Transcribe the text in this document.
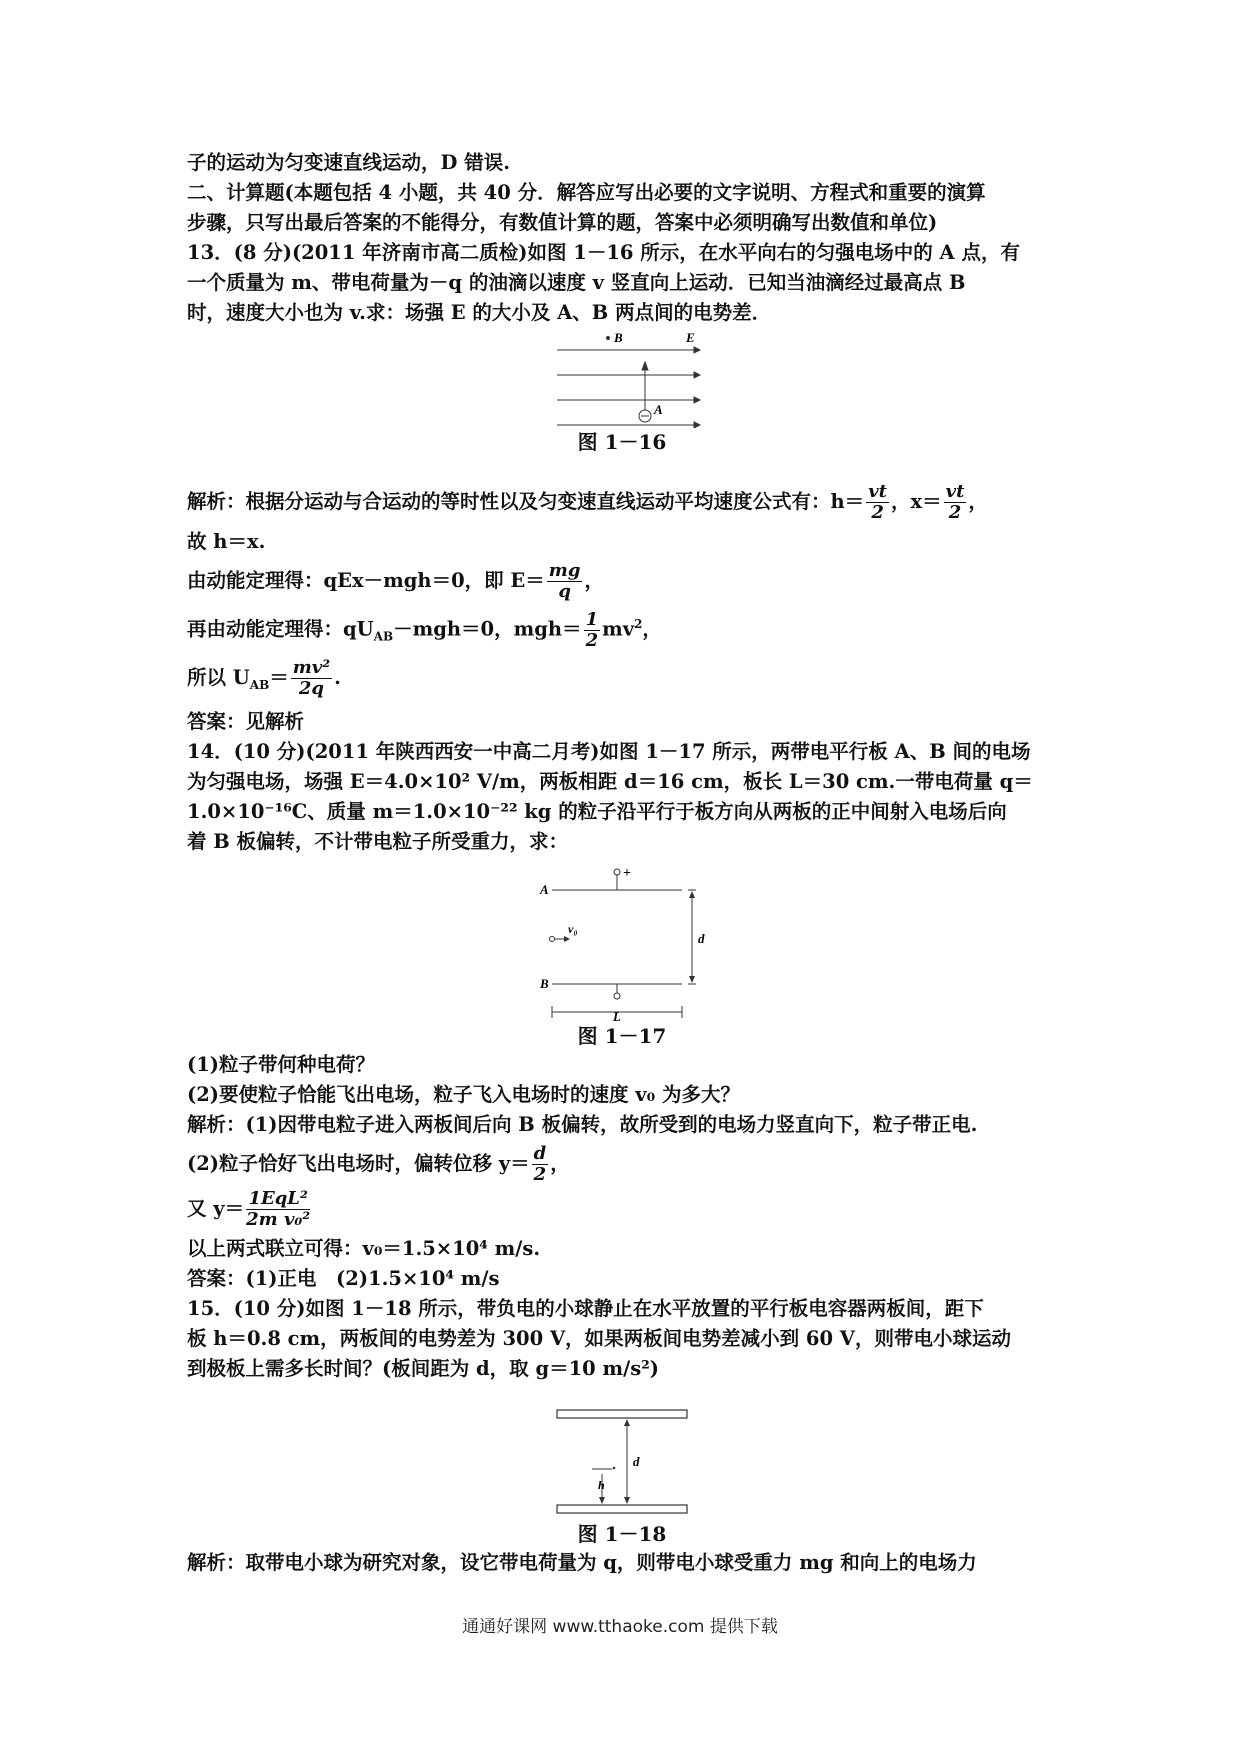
子的运动为匀变速直线运动，D 错误.
二、计算题(本题包括 4 小题，共 40 分．解答应写出必要的文字说明、方程式和重要的演算
步骤，只写出最后答案的不能得分，有数值计算的题，答案中必须明确写出数值和单位)
13．(8 分)(2011 年济南市高二质检)如图 1－16 所示，在水平向右的匀强电场中的 A 点，有
一个质量为 m、带电荷量为－q 的油滴以速度 v 竖直向上运动．已知当油滴经过最高点 B
时，速度大小也为 v.求：场强 E 的大小及 A、B 两点间的电势差．
B	E
A
图 1－16
解析：根据分运动与合运动的等时性以及匀变速直线运动平均速度公式有：$h= \frac{vt}{2}$ ，$x= \frac{vt}{2}$ ，
故 h＝x.
由动能定理得：qEx－mgh＝0，即 $E= \frac{mg}{q}$ ，
再由动能定理得：$qU_{AB}-mgh=0$，$mgh= \frac{1}{2} mv^2$，
所以 $U_{AB}= \frac{\text{mv²}}{2q}$ .
答案：见解析
14．(10 分)(2011 年陕西西安一中高二月考)如图 1－17 所示，两带电平行板 A、B 间的电场
为匀强电场，场强 E＝4.0×10² V/m，两板相距 d＝16 cm，板长 L＝30 cm.一带电荷量 q＝
1.0×10⁻¹⁶C、质量 m＝1.0×10⁻²² kg 的粒子沿平行于板方向从两板的正中间射入电场后向
着 B 板偏转，不计带电粒子所受重力，求：
A
B
+
v₀
d
L
图 1－17
(1)粒子带何种电荷？
(2)要使粒子恰能飞出电场，粒子飞入电场时的速度 v₀ 为多大？
解析：(1)因带电粒子进入两板间后向 B 板偏转，故所受到的电场力竖直向下，粒子带正电.
(2)粒子恰好飞出电场时，偏转位移 $y= \frac{d}{2}$ ，
又 $y= \frac{\text{1EqL²}}{\text{2m v₀²}}$
以上两式联立可得：v₀＝1.5×10⁴ m/s.
答案：(1)正电　(2)1.5×10⁴ m/s
15．(10 分)如图 1－18 所示，带负电的小球静止在水平放置的平行板电容器两板间，距下
板 h＝0.8 cm，两板间的电势差为 300 V，如果两板间电势差减小到 60 V，则带电小球运动
到极板上需多长时间？(板间距为 d，取 g＝10 m/s²)
d
h
图 1－18
解析：取带电小球为研究对象，设它带电荷量为 q，则带电小球受重力 mg 和向上的电场力
通通好课网 www.tthaoke.com 提供下载
